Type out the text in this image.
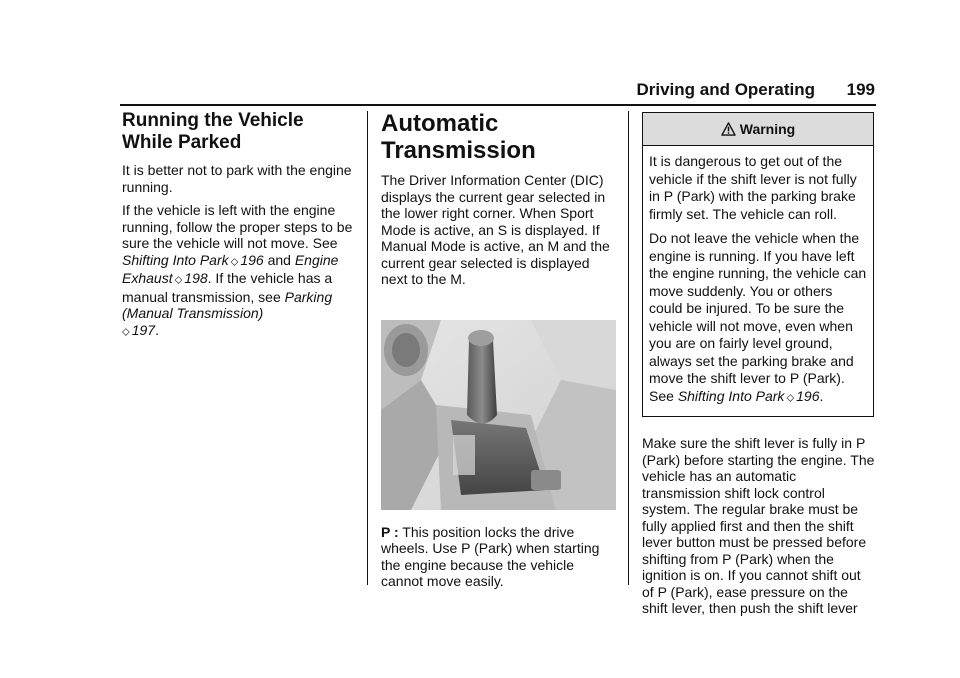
Driving and Operating	199
Running the Vehicle While Parked

It is better not to park with the engine running.

If the vehicle is left with the engine running, follow the proper steps to be sure the vehicle will not move. See Shifting Into Park ⬦ 196 and Engine Exhaust ⬦ 198. If the vehicle has a manual transmission, see Parking (Manual Transmission)
⬦ 197.

Automatic Transmission

The Driver Information Center (DIC) displays the current gear selected in the lower right corner. When Sport Mode is active, an S is displayed. If Manual Mode is active, an M and the current gear selected is displayed next to the M.

P : This position locks the drive wheels. Use P (Park) when starting the engine because the vehicle cannot move easily.

Warning

It is dangerous to get out of the vehicle if the shift lever is not fully in P (Park) with the parking brake firmly set. The vehicle can roll.

Do not leave the vehicle when the engine is running. If you have left the engine running, the vehicle can move suddenly. You or others could be injured. To be sure the vehicle will not move, even when you are on fairly level ground, always set the parking brake and move the shift lever to P (Park). See Shifting Into Park ⬦ 196.

Make sure the shift lever is fully in P (Park) before starting the engine. The vehicle has an automatic transmission shift lock control system. The regular brake must be fully applied first and then the shift lever button must be pressed before shifting from P (Park) when the ignition is on. If you cannot shift out of P (Park), ease pressure on the shift lever, then push the shift lever
